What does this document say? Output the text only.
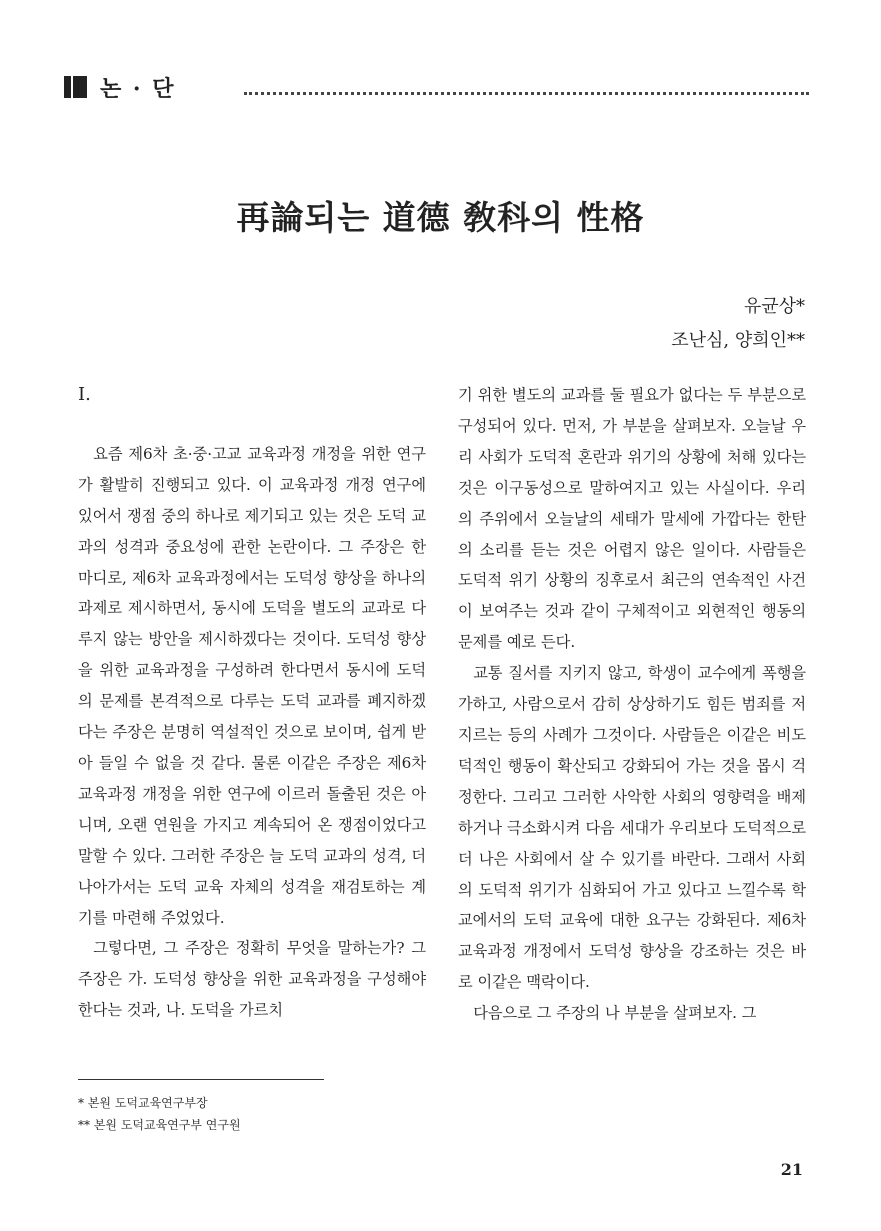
논 · 단
再論되는 道德 敎科의 性格
유균상*
조난심, 양희인**

I.

요즘 제6차 초·중·고교 교육과정 개정을 위한 연구가 활발히 진행되고 있다. 이 교육과정 개정 연구에 있어서 쟁점 중의 하나로 제기되고 있는 것은 도덕 교과의 성격과 중요성에 관한 논란이다. 그 주장은 한 마디로, 제6차 교육과정에서는 도덕성 향상을 하나의 과제로 제시하면서, 동시에 도덕을 별도의 교과로 다루지 않는 방안을 제시하겠다는 것이다. 도덕성 향상을 위한 교육과정을 구성하려 한다면서 동시에 도덕의 문제를 본격적으로 다루는 도덕 교과를 폐지하겠다는 주장은 분명히 역설적인 것으로 보이며, 쉽게 받아 들일 수 없을 것 같다. 물론 이같은 주장은 제6차 교육과정 개정을 위한 연구에 이르러 돌출된 것은 아니며, 오랜 연원을 가지고 계속되어 온 쟁점이었다고 말할 수 있다. 그러한 주장은 늘 도덕 교과의 성격, 더 나아가서는 도덕 교육 자체의 성격을 재검토하는 계기를 마련해 주었었다.

그렇다면, 그 주장은 정확히 무엇을 말하는가? 그 주장은 가. 도덕성 향상을 위한 교육과정을 구성해야 한다는 것과, 나. 도덕을 가르치

기 위한 별도의 교과를 둘 필요가 없다는 두 부분으로 구성되어 있다. 먼저, 가 부분을 살펴보자. 오늘날 우리 사회가 도덕적 혼란과 위기의 상황에 처해 있다는 것은 이구동성으로 말하여지고 있는 사실이다. 우리의 주위에서 오늘날의 세태가 말세에 가깝다는 한탄의 소리를 듣는 것은 어렵지 않은 일이다. 사람들은 도덕적 위기 상황의 징후로서 최근의 연속적인 사건이 보여주는 것과 같이 구체적이고 외현적인 행동의 문제를 예로 든다.

교통 질서를 지키지 않고, 학생이 교수에게 폭행을 가하고, 사람으로서 감히 상상하기도 힘든 범죄를 저지르는 등의 사례가 그것이다. 사람들은 이같은 비도덕적인 행동이 확산되고 강화되어 가는 것을 몹시 걱정한다. 그리고 그러한 사악한 사회의 영향력을 배제하거나 극소화시켜 다음 세대가 우리보다 도덕적으로 더 나은 사회에서 살 수 있기를 바란다. 그래서 사회의 도덕적 위기가 심화되어 가고 있다고 느낄수록 학교에서의 도덕 교육에 대한 요구는 강화된다. 제6차 교육과정 개정에서 도덕성 향상을 강조하는 것은 바로 이같은 맥락이다.

다음으로 그 주장의 나 부분을 살펴보자. 그

* 본원 도덕교육연구부장
** 본원 도덕교육연구부 연구원
21
